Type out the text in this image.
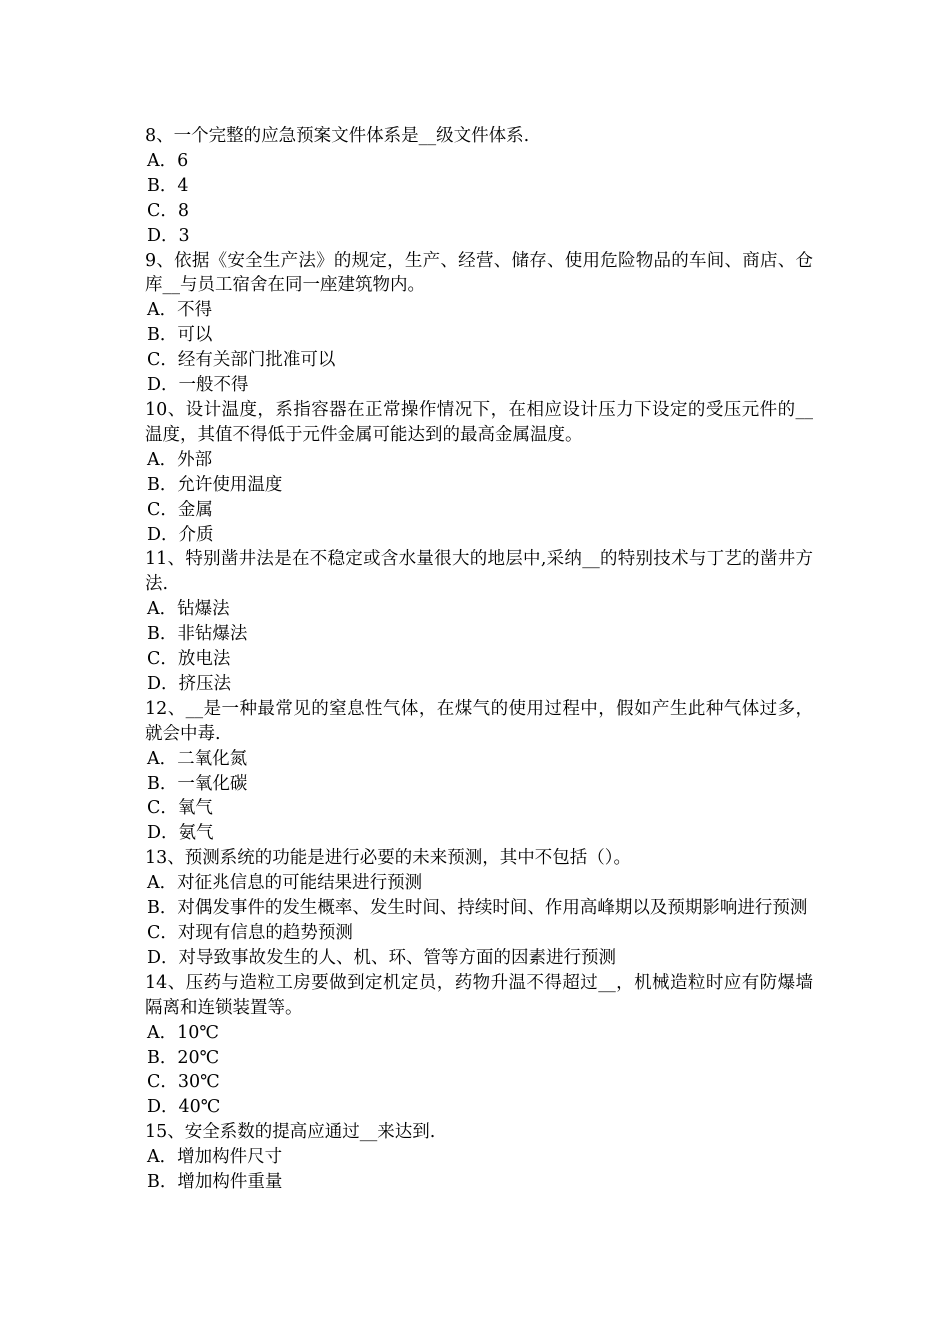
8、一个完整的应急预案文件体系是__级文件体系.

A．6

B．4

C．8

D．3

9、依据《安全生产法》的规定，生产、经营、储存、使用危险物品的车间、商店、仓库__与员工宿舍在同一座建筑物内。

A．不得

B．可以

C．经有关部门批准可以

D．一般不得

10、设计温度，系指容器在正常操作情况下，在相应设计压力下设定的受压元件的__温度，其值不得低于元件金属可能达到的最高金属温度。

A．外部

B．允许使用温度

C．金属

D．介质

11、特别凿井法是在不稳定或含水量很大的地层中,采纳__的特别技术与丁艺的凿井方法.

A．钻爆法

B．非钻爆法

C．放电法

D．挤压法

12、__是一种最常见的窒息性气体，在煤气的使用过程中，假如产生此种气体过多，就会中毒.

A．二氧化氮

B．一氧化碳

C．氧气

D．氨气

13、预测系统的功能是进行必要的未来预测，其中不包括（）。

A．对征兆信息的可能结果进行预测

B．对偶发事件的发生概率、发生时间、持续时间、作用高峰期以及预期影响进行预测

C．对现有信息的趋势预测

D．对导致事故发生的人、机、环、管等方面的因素进行预测

14、压药与造粒工房要做到定机定员，药物升温不得超过__，机械造粒时应有防爆墙隔离和连锁装置等。

A．10℃

B．20℃

C．30℃

D．40℃

15、安全系数的提高应通过__来达到.

A．增加构件尺寸

B．增加构件重量
